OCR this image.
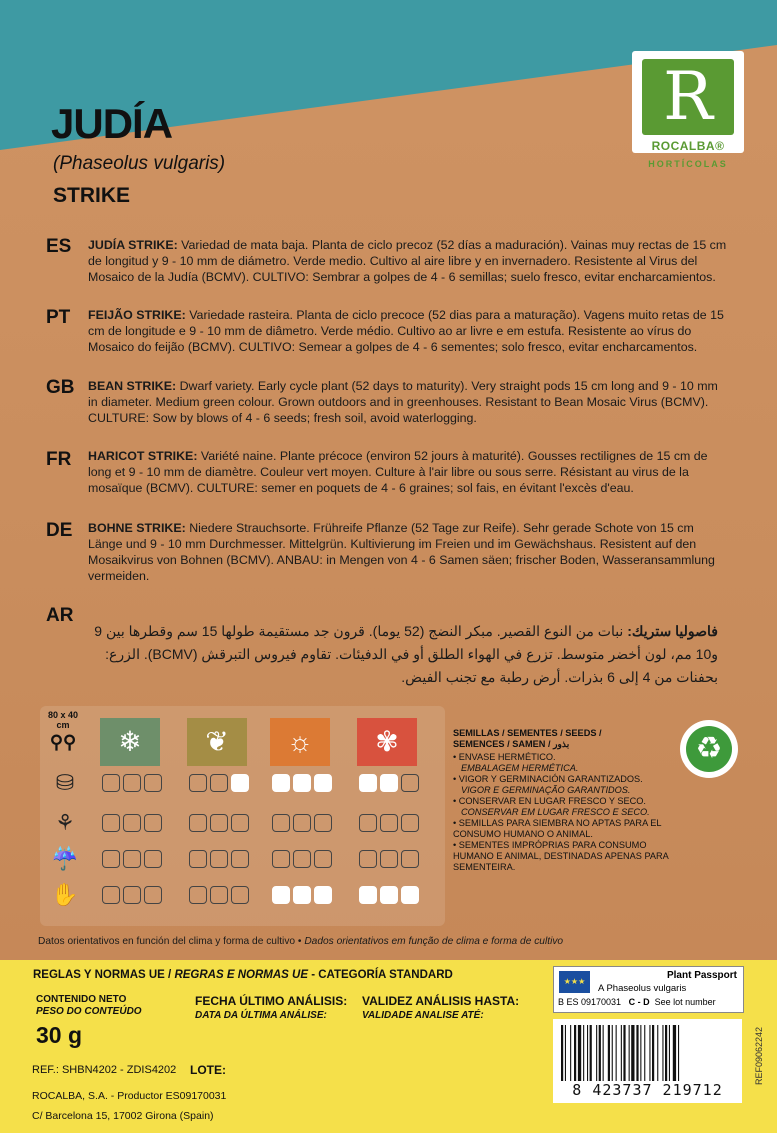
R
ROCALBA®
HORTÍCOLAS
JUDÍA
(Phaseolus vulgaris)
STRIKE
ES JUDÍA STRIKE: Variedad de mata baja. Planta de ciclo precoz (52 días a maduración). Vainas muy rectas de 15 cm de longitud y 9 - 10 mm de diámetro. Verde medio. Cultivo al aire libre y en invernadero. Resistente al Virus del Mosaico de la Judía (BCMV). CULTIVO: Sembrar a golpes de 4 - 6 semillas; suelo fresco, evitar encharcamientos.
PT FEIJÃO STRIKE: Variedade rasteira. Planta de ciclo precoce (52 dias para a maturação). Vagens muito retas de 15 cm de longitude e 9 - 10 mm de diâmetro. Verde médio. Cultivo ao ar livre e em estufa. Resistente ao vírus do Mosaico do feijão (BCMV). CULTIVO: Semear a golpes de 4 - 6 sementes; solo fresco, evitar encharcamentos.
GB BEAN STRIKE: Dwarf variety. Early cycle plant (52 days to maturity). Very straight pods 15 cm long and 9 - 10 mm in diameter. Medium green colour. Grown outdoors and in greenhouses. Resistant to Bean Mosaic Virus (BCMV). CULTURE: Sow by blows of 4 - 6 seeds; fresh soil, avoid waterlogging.
FR HARICOT STRIKE: Variété naine. Plante précoce (environ 52 jours à maturité). Gousses rectilignes de 15 cm de long et 9 - 10 mm de diamètre. Couleur vert moyen. Culture à l'air libre ou sous serre. Résistant au virus de la mosaïque (BCMV). CULTURE: semer en poquets de 4 - 6 graines; sol fais, en évitant l'excès d'eau.
DE BOHNE STRIKE: Niedere Strauchsorte. Frühreife Pflanze (52 Tage zur Reife). Sehr gerade Schote von 15 cm Länge und 9 - 10 mm Durchmesser. Mittelgrün. Kultivierung im Freien und im Gewächshaus. Resistent auf den Mosaikvirus von Bohnen (BCMV). ANBAU: in Mengen von 4 - 6 Samen säen; frischer Boden, Wasseransammlung vermeiden.
AR
فاصوليا ستريك: نبات من النوع القصير. مبكر النضج (52 يوما). قرون جد مستقيمة طولها 15 سم وقطرها بين 9 و10 مم، لون أخضر متوسط. تزرع في الهواء الطلق أو في الدفيئات. تقاوم فيروس التبرقش (BCMV). الزرع: بحفنات من 4 إلى 6 بذرات. أرض رطبة مع تجنب الفيض.
80 x 40
cm
⚲⚲	❄	❦	☼	✾
⛁
⚘
☔
✋
SEMILLAS / SEMENTES / SEEDS /
SEMENCES / SAMEN / بذور
• ENVASE HERMÉTICO.
EMBALAGEM HERMÉTICA.
• VIGOR Y GERMINACIÓN GARANTIZADOS.
VIGOR E GERMINAÇÃO GARANTIDOS.
• CONSERVAR EN LUGAR FRESCO Y SECO.
CONSERVAR EM LUGAR FRESCO E SECO.
• SEMILLAS PARA SIEMBRA NO APTAS PARA EL CONSUMO HUMANO O ANIMAL.
• SEMENTES IMPRÓPRIAS PARA CONSUMO HUMANO E ANIMAL, DESTINADAS APENAS PARA SEMENTEIRA.
♻
Datos orientativos en función del clima y forma de cultivo • Dados orientativos em função de clima e forma de cultivo
REGLAS Y NORMAS UE / REGRAS E NORMAS UE - CATEGORÍA STANDARD
CONTENIDO NETO
PESO DO CONTEÚDO
30 g
FECHA ÚLTIMO ANÁLISIS:
DATA DA ÚLTIMA ANÁLISE:
VALIDEZ ANÁLISIS HASTA:
VALIDADE ANALISE ATÉ:
REF.: SHBN4202 - ZDIS4202 LOTE:
ROCALBA, S.A. - Productor ES09170031
C/ Barcelona 15, 17002 Girona (Spain)
★★★
Plant Passport
A Phaseolus vulgaris
B ES 09170031 C - D See lot number
8 423737 219712
REF09062242
